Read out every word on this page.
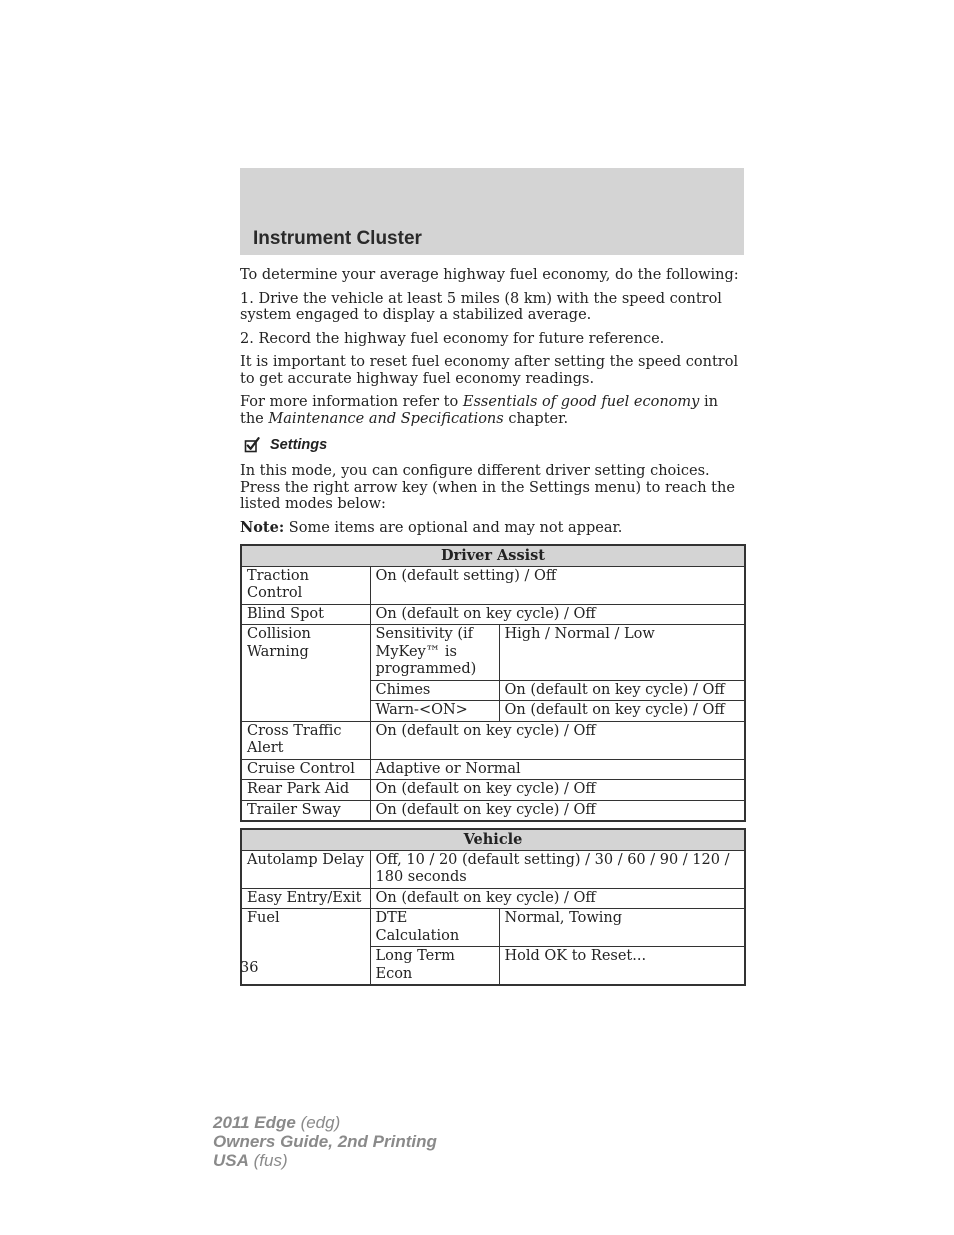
Instrument Cluster

To determine your average highway fuel economy, do the following:

1. Drive the vehicle at least 5 miles (8 km) with the speed control system engaged to display a stabilized average.

2. Record the highway fuel economy for future reference.

It is important to reset fuel economy after setting the speed control to get accurate highway fuel economy readings.

For more information refer to Essentials of good fuel economy in the Maintenance and Specifications chapter.

Settings

In this mode, you can configure different driver setting choices. Press the right arrow key (when in the Settings menu) to reach the listed modes below:

Note: Some items are optional and may not appear.

Driver Assist		
Traction Control	On (default setting) / Off	
Blind Spot	On (default on key cycle) / Off	
Collision Warning	Sensitivity (if MyKey™ is programmed)	High / Normal / Low
	Chimes	On (default on key cycle) / Off
	Warn-<ON>	On (default on key cycle) / Off
Cross Traffic Alert	On (default on key cycle) / Off	
Cruise Control	Adaptive or Normal	
Rear Park Aid	On (default on key cycle) / Off	
Trailer Sway	On (default on key cycle) / Off	
Vehicle		
Autolamp Delay	Off, 10 / 20 (default setting) / 30 / 60 / 90 / 120 / 180 seconds	
Easy Entry/Exit	On (default on key cycle) / Off	
Fuel	DTE Calculation	Normal, Towing
	Long Term Econ	Hold OK to Reset...
36
2011 Edge (edg)
Owners Guide, 2nd Printing
USA (fus)
